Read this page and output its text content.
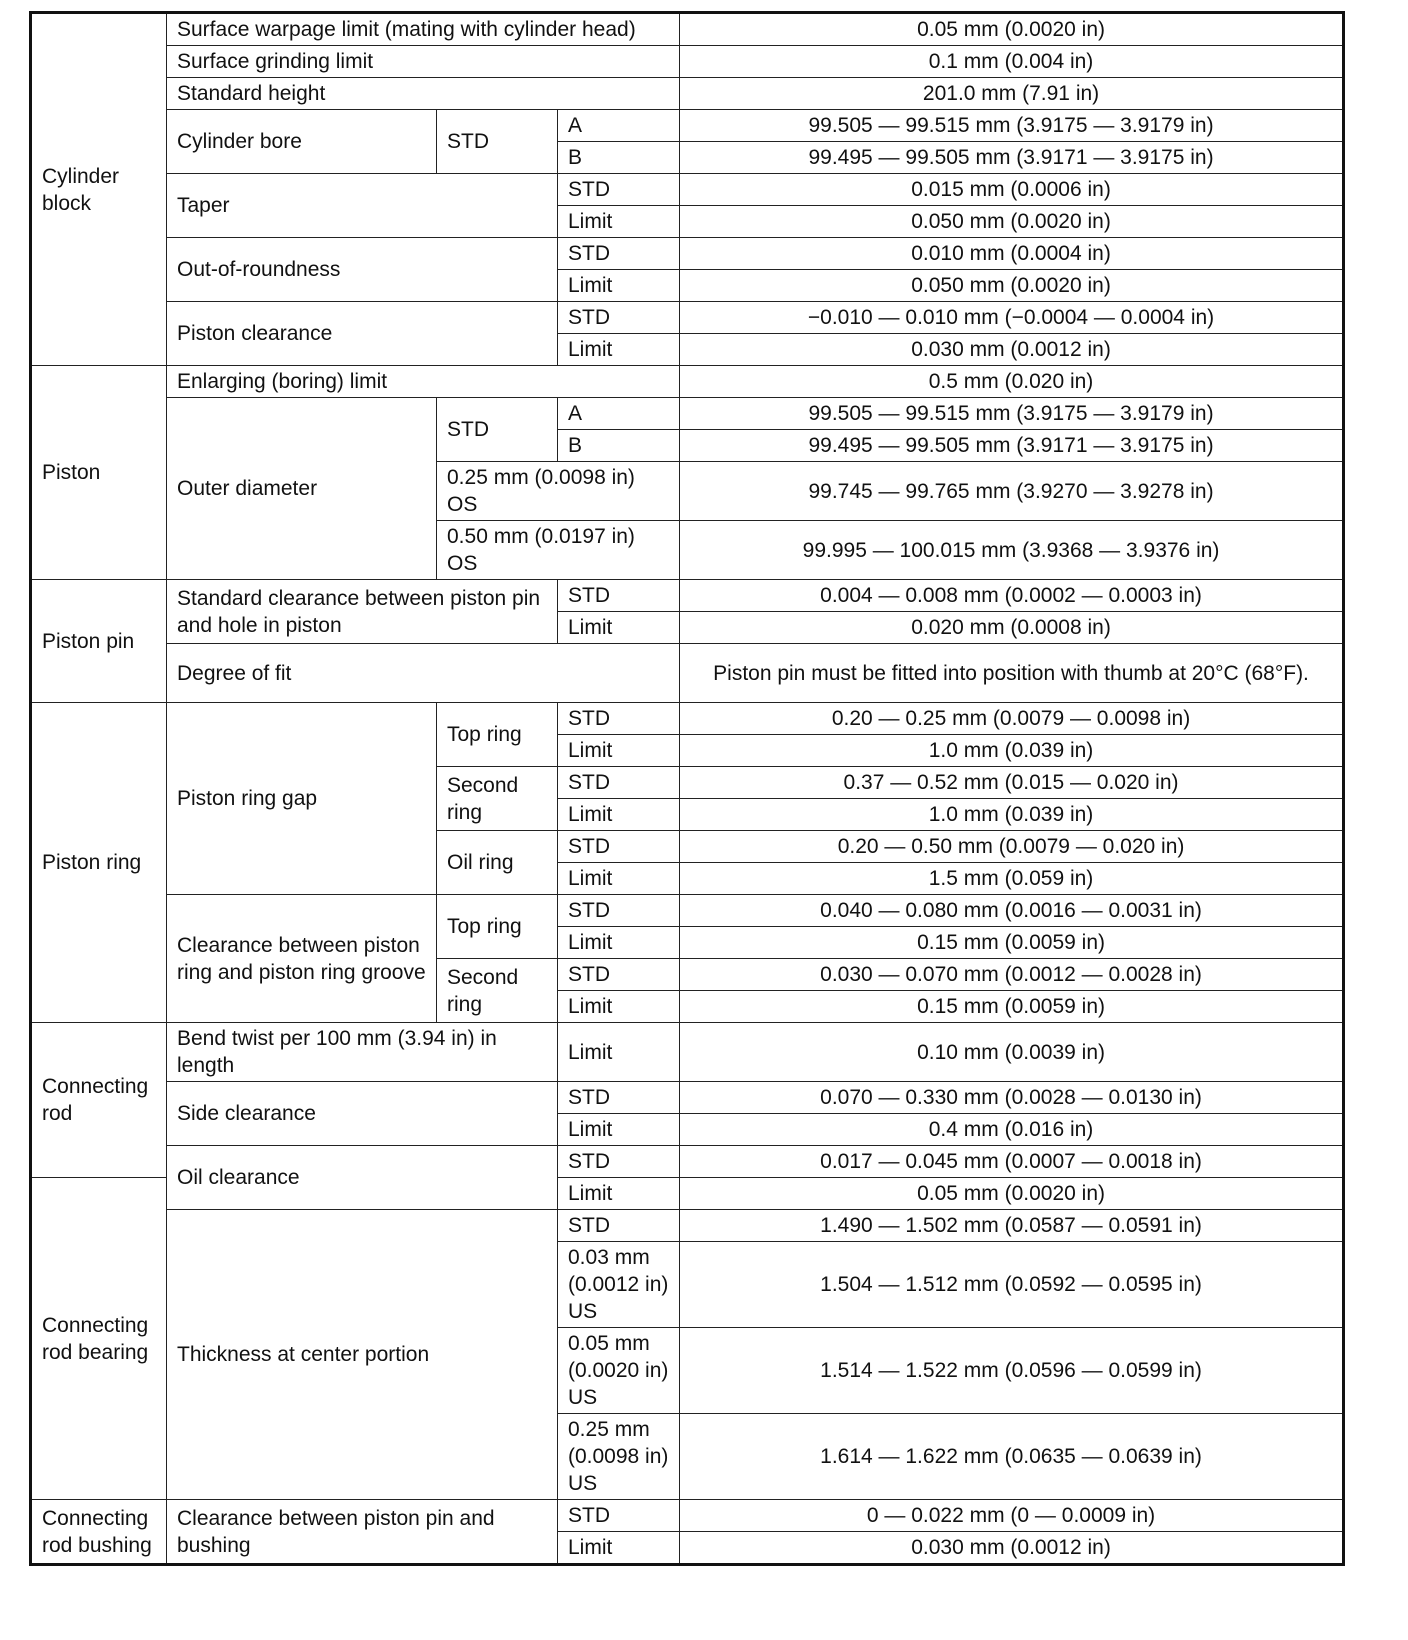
Cylinder block	Surface warpage limit (mating with cylinder head)			0.05 mm (0.0020 in)
	Surface grinding limit			0.1 mm (0.004 in)
	Standard height			201.0 mm (7.91 in)
	Cylinder bore	STD	A	99.505 — 99.515 mm (3.9175 — 3.9179 in)
			B	99.495 — 99.505 mm (3.9171 — 3.9175 in)
	Taper		STD	0.015 mm (0.0006 in)
			Limit	0.050 mm (0.0020 in)
	Out-of-roundness		STD	0.010 mm (0.0004 in)
			Limit	0.050 mm (0.0020 in)
	Piston clearance		STD	−0.010 — 0.010 mm (−0.0004 — 0.0004 in)
			Limit	0.030 mm (0.0012 in)
Piston	Enlarging (boring) limit			0.5 mm (0.020 in)
	Outer diameter	STD	A	99.505 — 99.515 mm (3.9175 — 3.9179 in)
			B	99.495 — 99.505 mm (3.9171 — 3.9175 in)
		0.25 mm (0.0098 in) OS		99.745 — 99.765 mm (3.9270 — 3.9278 in)
		0.50 mm (0.0197 in) OS		99.995 — 100.015 mm (3.9368 — 3.9376 in)
Piston pin	Standard clearance between piston pin and hole in piston		STD	0.004 — 0.008 mm (0.0002 — 0.0003 in)
			Limit	0.020 mm (0.0008 in)
	Degree of fit			Piston pin must be fitted into position with thumb at 20°C (68°F).
Piston ring	Piston ring gap	Top ring	STD	0.20 — 0.25 mm (0.0079 — 0.0098 in)
			Limit	1.0 mm (0.039 in)
		Second ring	STD	0.37 — 0.52 mm (0.015 — 0.020 in)
			Limit	1.0 mm (0.039 in)
		Oil ring	STD	0.20 — 0.50 mm (0.0079 — 0.020 in)
			Limit	1.5 mm (0.059 in)
	Clearance between piston ring and piston ring groove	Top ring	STD	0.040 — 0.080 mm (0.0016 — 0.0031 in)
			Limit	0.15 mm (0.0059 in)
		Second ring	STD	0.030 — 0.070 mm (0.0012 — 0.0028 in)
			Limit	0.15 mm (0.0059 in)
Connecting rod	Bend twist per 100 mm (3.94 in) in length		Limit	0.10 mm (0.0039 in)
	Side clearance		STD	0.070 — 0.330 mm (0.0028 — 0.0130 in)
			Limit	0.4 mm (0.016 in)
	Oil clearance		STD	0.017 — 0.045 mm (0.0007 — 0.0018 in)
Connecting rod bearing			Limit	0.05 mm (0.0020 in)
	Thickness at center portion		STD	1.490 — 1.502 mm (0.0587 — 0.0591 in)
			0.03 mm (0.0012 in) US	1.504 — 1.512 mm (0.0592 — 0.0595 in)
			0.05 mm (0.0020 in) US	1.514 — 1.522 mm (0.0596 — 0.0599 in)
			0.25 mm (0.0098 in) US	1.614 — 1.622 mm (0.0635 — 0.0639 in)
Connecting rod bushing	Clearance between piston pin and bushing		STD	0 — 0.022 mm (0 — 0.0009 in)
			Limit	0.030 mm (0.0012 in)
